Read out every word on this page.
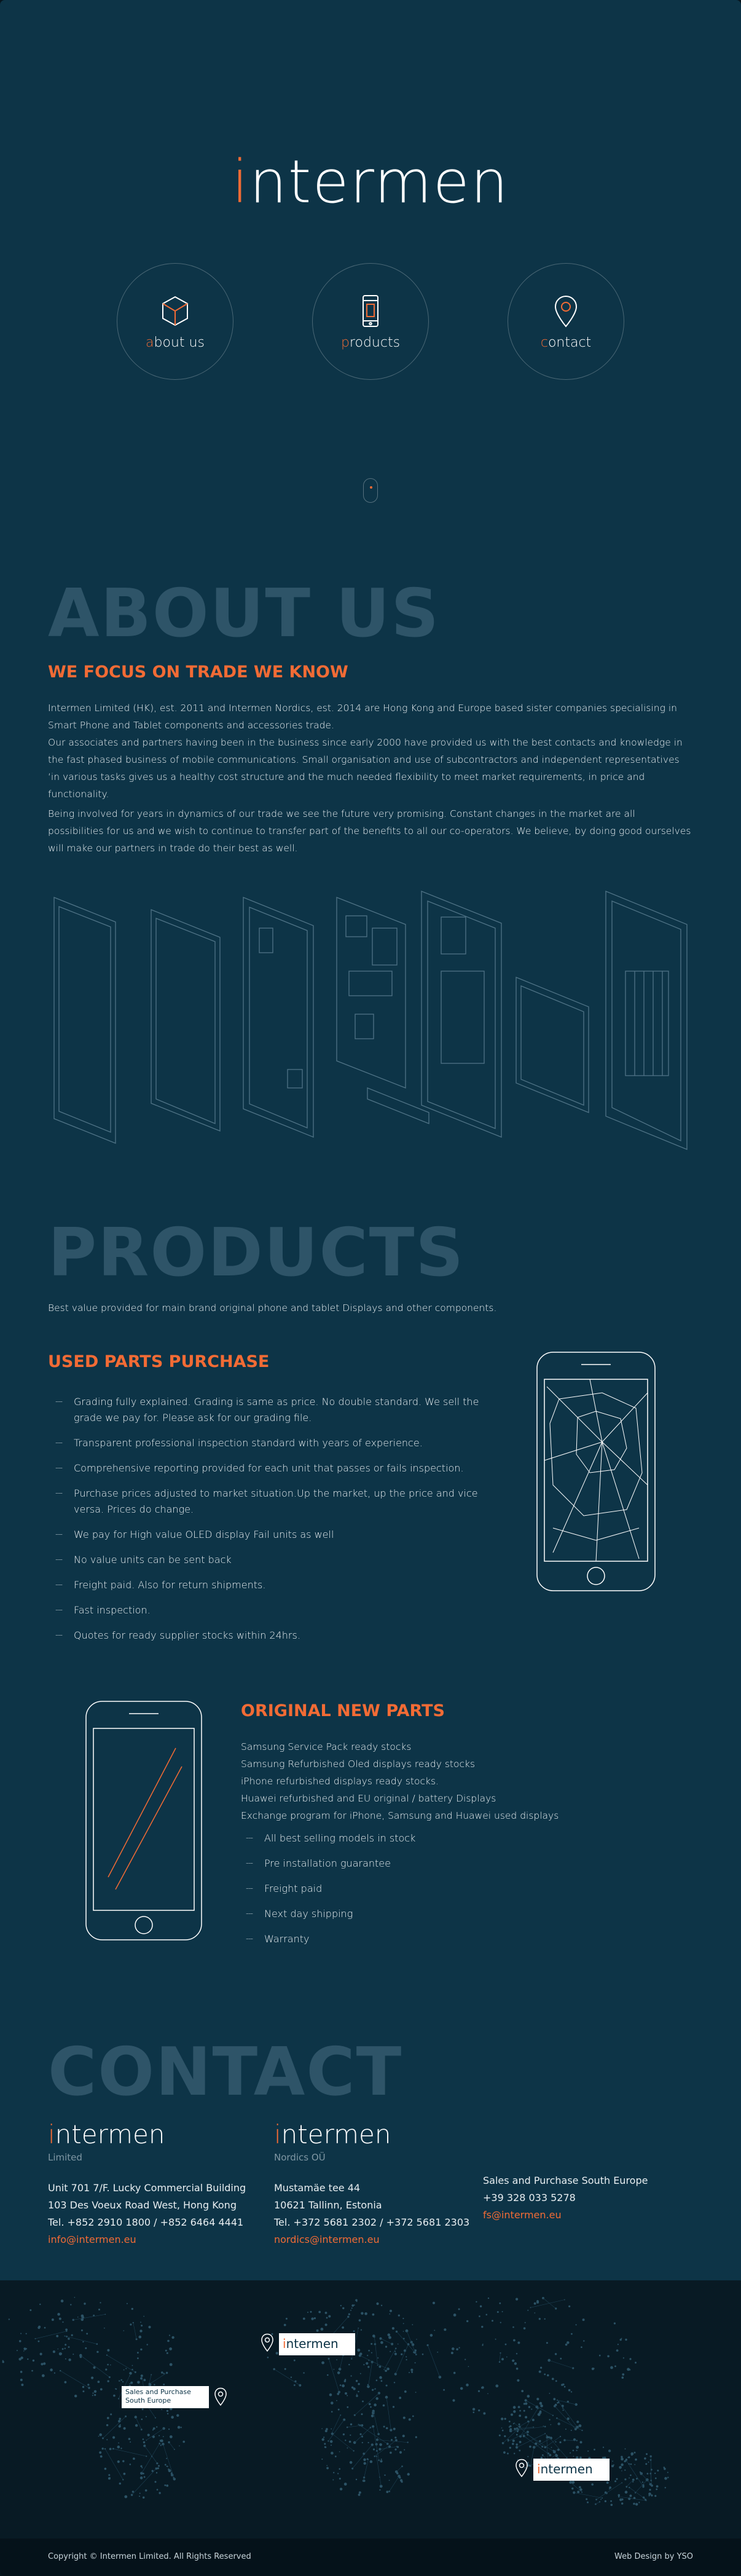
intermen
about us	products	contact
ABOUT US
WE FOCUS ON TRADE WE KNOW
Intermen Limited (HK), est. 2011 and Intermen Nordics, est. 2014 are Hong Kong and Europe based sister companies specialising in Smart Phone and Tablet components and accessories trade.
Our associates and partners having been in the business since early 2000 have provided us with the best contacts and knowledge in the fast phased business of mobile communications. Small organisation and use of subcontractors and independent representatives ‘in various tasks gives us a healthy cost structure and the much needed flexibility to meet market requirements, in price and functionality.
Being involved for years in dynamics of our trade we see the future very promising. Constant changes in the market are all possibilities for us and we wish to continue to transfer part of the benefits to all our co-operators. We believe, by doing good ourselves will make our partners in trade do their best as well.
PRODUCTS
Best value provided for main brand original phone and tablet Displays and other components.
USED PARTS PURCHASE
--- Grading fully explained. Grading is same as price. No double standard. We sell the grade we pay for. Please ask for our grading file.
--- Transparent professional inspection standard with years of experience.
--- Comprehensive reporting provided for each unit that passes or fails inspection.
--- Purchase prices adjusted to market situation.Up the market, up the price and vice versa. Prices do change.
--- We pay for High value OLED display Fail units as well
--- No value units can be sent back
--- Freight paid. Also for return shipments.
--- Fast inspection.
--- Quotes for ready supplier stocks within 24hrs.
ORIGINAL NEW PARTS
Samsung Service Pack ready stocks
Samsung Refurbished Oled displays ready stocks
iPhone refurbished displays ready stocks.
Huawei refurbished and EU original / battery Displays
Exchange program for iPhone, Samsung and Huawei used displays
--- All best selling models in stock
--- Pre installation guarantee
--- Freight paid
--- Next day shipping
--- Warranty
CONTACT
intermen
Limited
Unit 701 7/F. Lucky Commercial Building
103 Des Voeux Road West, Hong Kong
Tel. +852 2910 1800 / +852 6464 4441
info@intermen.eu
intermen
Nordics OÜ
Mustamäe tee 44
10621 Tallinn, Estonia
Tel. +372 5681 2302 / +372 5681 2303
nordics@intermen.eu
Sales and Purchase South Europe
+39 328 033 5278
fs@intermen.eu
intermen
Sales and Purchase
South Europe
intermen
Copyright © Intermen Limited. All Rights Reserved	Web Design by YSO
